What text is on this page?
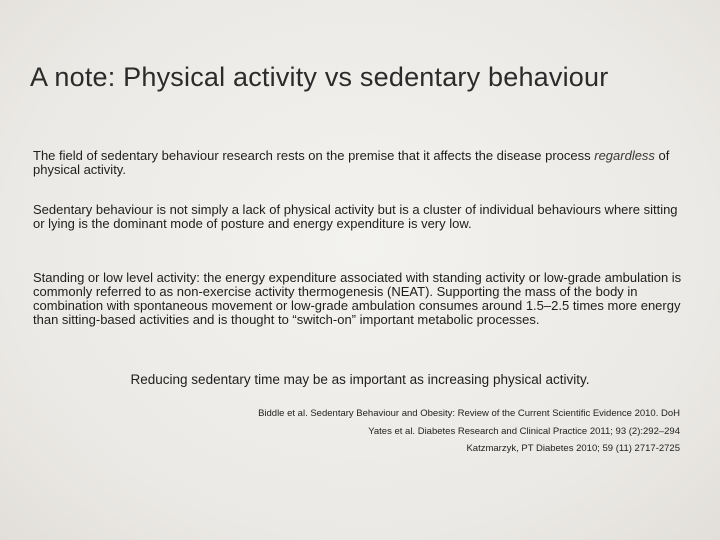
A note: Physical activity vs sedentary behaviour
The field of sedentary behaviour research rests on the premise that it affects the disease process regardless of physical activity.
Sedentary behaviour is not simply a lack of physical activity but is a cluster of individual behaviours where sitting or lying is the dominant mode of posture and energy expenditure is very low.
Standing or low level activity: the energy expenditure associated with standing activity or low-grade ambulation is commonly referred to as non-exercise activity thermogenesis (NEAT). Supporting the mass of the body in combination with spontaneous movement or low-grade ambulation consumes around 1.5–2.5 times more energy than sitting-based activities and is thought to “switch-on” important metabolic processes.
Reducing sedentary time may be as important as increasing physical activity.
Biddle et al. Sedentary Behaviour and Obesity: Review of the Current Scientific Evidence 2010. DoH
Yates et al. Diabetes Research and Clinical Practice 2011; 93 (2):292–294
Katzmarzyk, PT Diabetes 2010; 59 (11) 2717-2725
